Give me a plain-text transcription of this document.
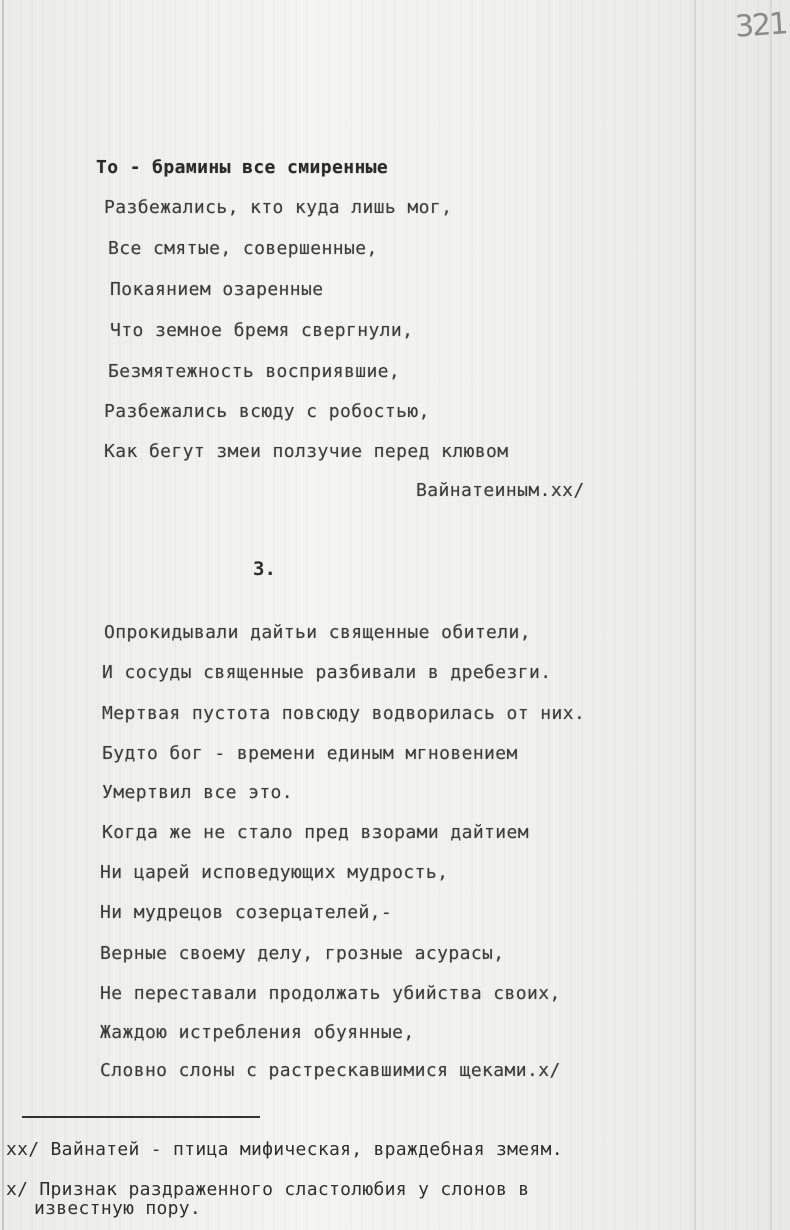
321
То - брамины все смиренные
Разбежались, кто куда лишь мог,
Все смятые, совершенные,
Покаянием озаренные
Что земное бремя свергнули,
Безмятежность восприявшие,
Разбежались всюду с робостью,
Как бегут змеи ползучие перед клювом
Вайнатеиным.хх/
3.
Опрокидывали дайтьи священные обители,
И сосуды священные разбивали в дребезги.
Мертвая пустота повсюду водворилась от них.
Будто бог - времени единым мгновением
Умертвил все это.
Когда же не стало пред взорами дайтием
Ни царей исповедующих мудрость,
Ни мудрецов созерцателей,-
Верные своему делу, грозные асурасы,
Не переставали продолжать убийства своих,
Жаждою истребления обуянные,
Словно слоны с растрескавшимися щеками.х/
хх/ Вайнатей - птица мифическая, враждебная змеям.
х/ Признак раздраженного сластолюбия у слонов в
известную пору.
